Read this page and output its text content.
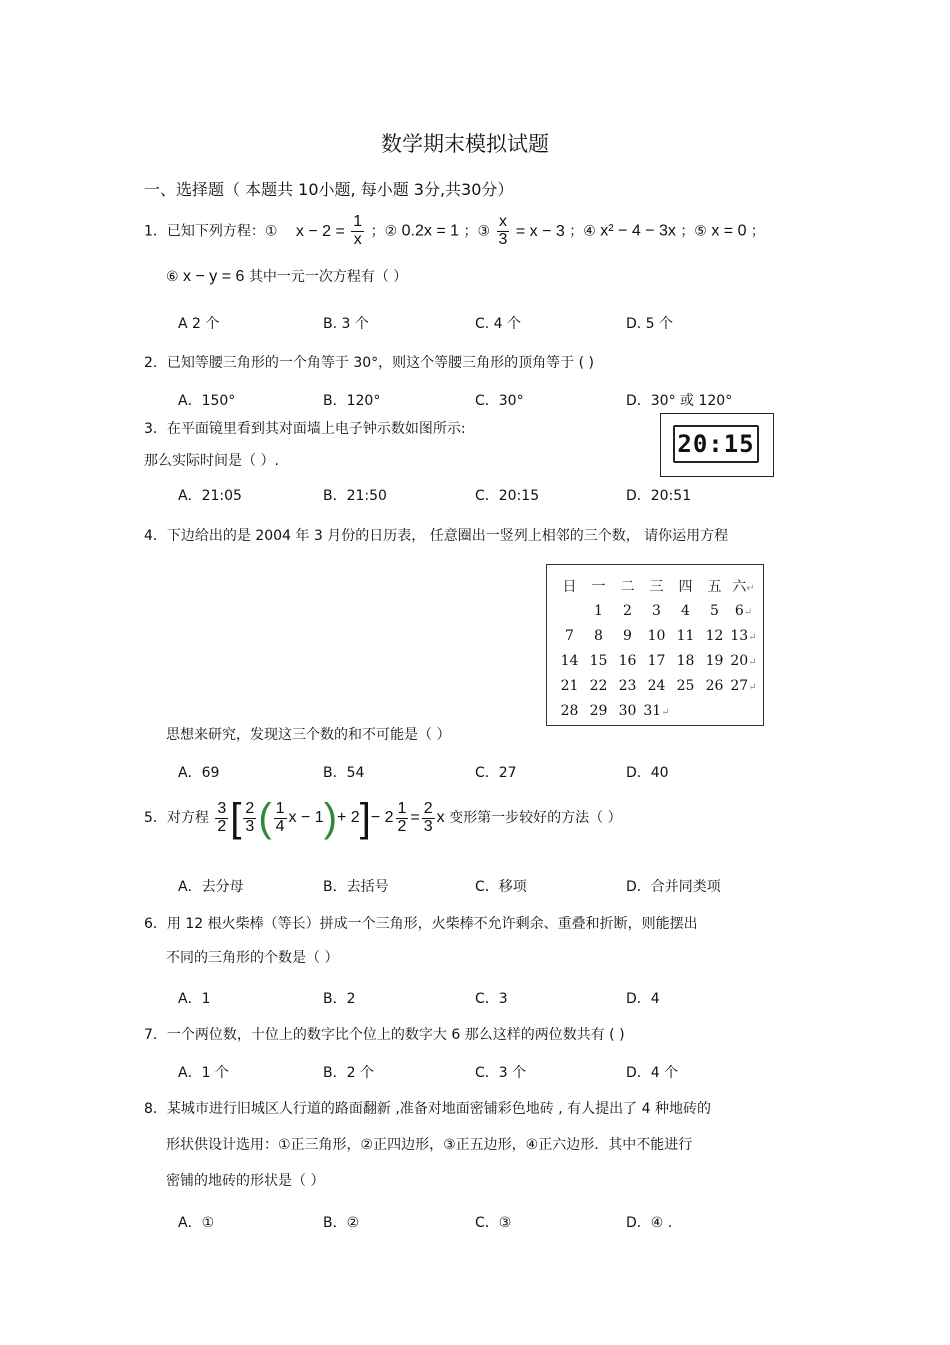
数学期末模拟试题
一、选择题（ 本题共 10小题, 每小题 3分,共30分）
1．已知下列方程：① $x - 2 = \frac{1}{x}$ ；② 0.2x = 1 ；③ $\frac{x}{3} = x - 3$ ；④ x² − 4 − 3x ；⑤ x = 0 ；
⑥ x − y = 6 其中一元一次方程有（ ）
A 2 个	B. 3 个	C. 4 个	D. 5 个
2．已知等腰三角形的一个角等于 30°，则这个等腰三角形的顶角等于 ( )
A．150°	B．120°	C．30°	D．30° 或 120°
3．在平面镜里看到其对面墙上电子钟示数如图所示:
那么实际时间是（ ）.
20:15
A．21:05	B．21:50	C．20:15	D．20:51
4．下边给出的是 2004 年 3 月份的日历表， 任意圈出一竖列上相邻的三个数， 请你运用方程
日	一	二	三	四	五	六↵
	1	2	3	4	5	6↵
7	8	9	10	11	12	13↵
14	15	16	17	18	19	20↵
21	22	23	24	25	26	27↵
28	29	30	31↵			
思想来研究，发现这三个数的和不可能是（ ）
A．69	B．54	C．27	D．40
5．对方程 $\frac{3}{2}$ [ $\frac{2}{3}$ ( $\frac{1}{4}$ $x - 1)+ 2]- 2 \frac{1}{2} = \frac{2}{3}$ x 变形第一步较好的方法（ ）
A．去分母	B．去括号	C．移项	D．合并同类项
6．用 12 根火柴棒（等长）拼成一个三角形，火柴棒不允许剩余、重叠和折断，则能摆出
不同的三角形的个数是（ ）
A．1	B．2	C．3	D．4
7．一个两位数，十位上的数字比个位上的数字大 6 那么这样的两位数共有 ( )
A．1 个	B．2 个	C．3 个	D．4 个
8．某城市进行旧城区人行道的路面翻新 ,准备对地面密铺彩色地砖 , 有人提出了 4 种地砖的
形状供设计选用：①正三角形，②正四边形，③正五边形，④正六边形．其中不能进行
密铺的地砖的形状是（ ）
A．①	B．②	C．③	D．④ .
